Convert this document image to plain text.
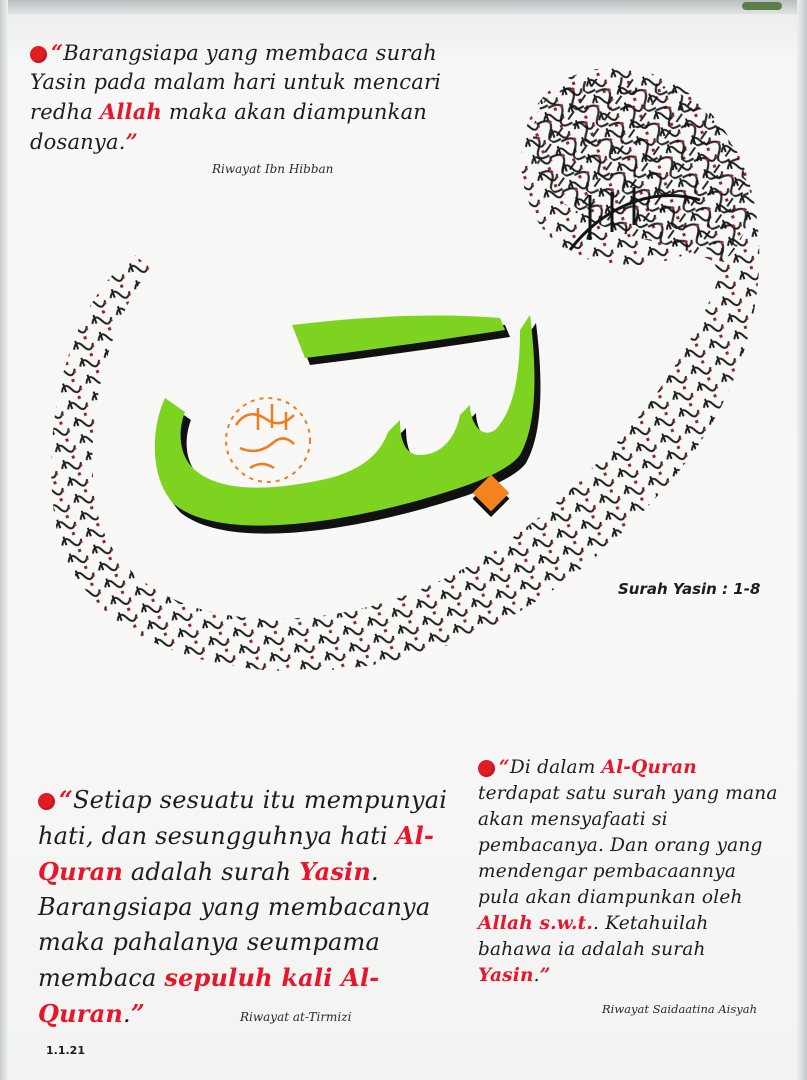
“Barangsiapa yang membaca surah Yasin pada malam hari untuk mencari redha Allah maka akan diampunkan dosanya.”
Riwayat Ibn Hibban
Surah Yasin : 1-8
“Setiap sesuatu itu mempunyai hati, dan sesungguhnya hati Al-Quran adalah surah Yasin. Barangsiapa yang membacanya maka pahalanya seumpama membaca sepuluh kali Al-Quran.”	Riwayat at-Tirmizi
“Di dalam Al-Quran terdapat satu surah yang mana akan mensyafaati si pembacanya. Dan orang yang mendengar pembacaannya pula akan diampunkan oleh Allah s.w.t.. Ketahuilah bahawa ia adalah surah Yasin.”
Riwayat Saidaatina Aisyah
1.1.21
